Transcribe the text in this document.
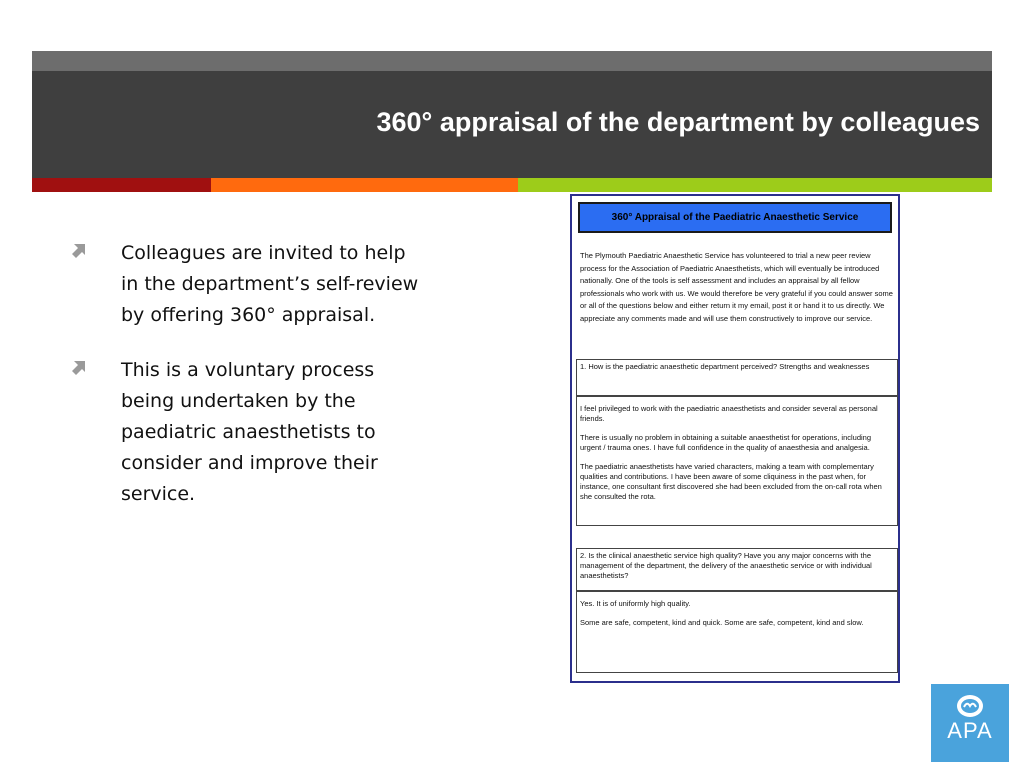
360° appraisal of the department by colleagues
Colleagues are invited to help in the department’s self-review by offering 360° appraisal.
This is a voluntary process being undertaken by the paediatric anaesthetists to consider and improve their service.
360° Appraisal of the Paediatric Anaesthetic Service
The Plymouth Paediatric Anaesthetic Service has volunteered to trial a new peer review process for the Association of Paediatric Anaesthetists, which will eventually be introduced nationally. One of the tools is self assessment and includes an appraisal by all fellow professionals who work with us. We would therefore be very grateful if you could answer some or all of the questions below and either return it my email, post it or hand it to us directly. We appreciate any comments made and will use them constructively to improve our service.
1. How is the paediatric anaesthetic department perceived? Strengths and weaknesses

I feel privileged to work with the paediatric anaesthetists and consider several as personal friends.

There is usually no problem in obtaining a suitable anaesthetist for operations, including urgent / trauma ones. I have full confidence in the quality of anaesthesia and analgesia.

The paediatric anaesthetists have varied characters, making a team with complementary qualities and contributions. I have been aware of some cliquiness in the past when, for instance, one consultant first discovered she had been excluded from the on-call rota when she consulted the rota.

2. Is the clinical anaesthetic service high quality? Have you any major concerns with the management of the department, the delivery of the anaesthetic service or with individual anaesthetists?

Yes. It is of uniformly high quality.

Some are safe, competent, kind and quick. Some are safe, competent, kind and slow.

APA
